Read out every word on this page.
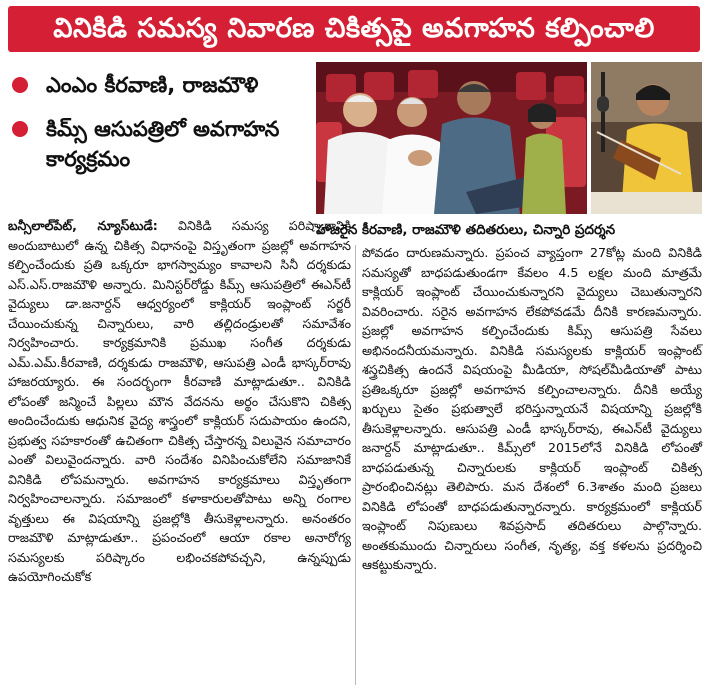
వినికిడి సమస్య నివారణ చికిత్సపై అవగాహన కల్పించాలి
ఎంఎం కీరవాణి, రాజమౌళి
కిమ్స్ ఆసుపత్రిలో అవగాహన కార్యక్రమం
హాజరైన కీరవాణి, రాజమౌళి తదితరులు, చిన్నారి ప్రదర్శన

బన్సీలాల్‌పేట్, న్యూస్‌టుడే: వినికిడి సమస్య పరిష్కారానికి అందుబాటులో ఉన్న చికిత్స విధానంపై విస్తృతంగా ప్రజల్లో అవగాహన కల్పించేందుకు ప్రతి ఒక్కరూ భాగస్వామ్యం కావాలని సినీ దర్శకుడు ఎస్.ఎస్.రాజమౌళి అన్నారు. మినిస్టర్‌రోడ్డు కిమ్స్ ఆసుపత్రిలో ఈఎన్‌టీ వైద్యులు డా.జనార్దన్ ఆధ్వర్యంలో కాక్లియర్ ఇంప్లాంట్ సర్జరీ చేయించుకున్న చిన్నారులు, వారి తల్లిదండ్రులతో సమావేశం నిర్వహించారు. కార్యక్రమానికి ప్రముఖ సంగీత దర్శకుడు ఎమ్.ఎమ్.కీరవాణి, దర్శకుడు రాజమౌళి, ఆసుపత్రి ఎండీ భాస్కర్‌రావు హాజరయ్యారు. ఈ సందర్భంగా కీరవాణి మాట్లాడుతూ.. వినికిడి లోపంతో జన్మించే పిల్లలు మౌన వేదనను అర్థం చేసుకొని చికిత్స అందించేందుకు ఆధునిక వైద్య శాస్త్రంలో కాక్లియర్ సదుపాయం ఉందని, ప్రభుత్వ సహకారంతో ఉచితంగా చికిత్స చేస్తారన్న విలువైన సమాచారం ఎంతో విలువైందన్నారు. వారి సందేశం వినిపించుకోలేని సమాజానికే వినికిడి లోపమన్నారు. అవగాహన కార్యక్రమాలు విస్తృతంగా నిర్వహించాలన్నారు. సమాజంలో కళాకారులతోపాటు అన్ని రంగాల వృత్తులు ఈ విషయాన్ని ప్రజల్లోకి తీసుకెళ్లాలన్నారు. అనంతరం రాజమౌళి మాట్లాడుతూ.. ప్రపంచంలో ఆయా రకాల అనారోగ్య సమస్యలకు పరిష్కారం లభించకపోవచ్చని, ఉన్నప్పుడు ఉపయోగించుకోక

పోవడం దారుణమన్నారు. ప్రపంచ వ్యాప్తంగా 27కోట్ల మంది వినికిడి సమస్యతో బాధపడుతుండగా కేవలం 4.5 లక్షల మంది మాత్రమే కాక్లియర్ ఇంప్లాంట్ చేయించుకున్నారని వైద్యులు చెబుతున్నారని వివరించారు. సరైన అవగాహన లేకపోవడమే దీనికి కారణమన్నారు. ప్రజల్లో అవగాహన కల్పించేందుకు కిమ్స్ ఆసుపత్రి సేవలు అభినందనీయమన్నారు. వినికిడి సమస్యలకు కాక్లియర్ ఇంప్లాంట్ శస్త్రచికిత్స ఉందనే విషయంపై మీడియా, సోషల్‌మీడియాతో పాటు ప్రతిఒక్కరూ ప్రజల్లో అవగాహన కల్పించాలన్నారు. దీనికి అయ్యే ఖర్చులు సైతం ప్రభుత్వాలే భరిస్తున్నాయనే విషయాన్ని ప్రజల్లోకి తీసుకెళ్లాలన్నారు. ఆసుపత్రి ఎండీ భాస్కర్‌రావు, ఈఎన్‌టీ వైద్యులు జనార్దన్ మాట్లాడుతూ.. కిమ్స్‌లో 2015లోనే వినికిడి లోపంతో బాధపడుతున్న చిన్నారులకు కాక్లియర్ ఇంప్లాంట్ చికిత్స ప్రారంభించినట్లు తెలిపారు. మన దేశంలో 6.3శాతం మంది ప్రజలు వినికిడి లోపంతో బాధపడుతున్నారన్నారు. కార్యక్రమంలో కాక్లియర్ ఇంప్లాంట్ నిపుణులు శివప్రసాద్ తదితరులు పాల్గొన్నారు. అంతకుముందు చిన్నారులు సంగీత, నృత్య, వక్త కళలను ప్రదర్శించి ఆకట్టుకున్నారు.
